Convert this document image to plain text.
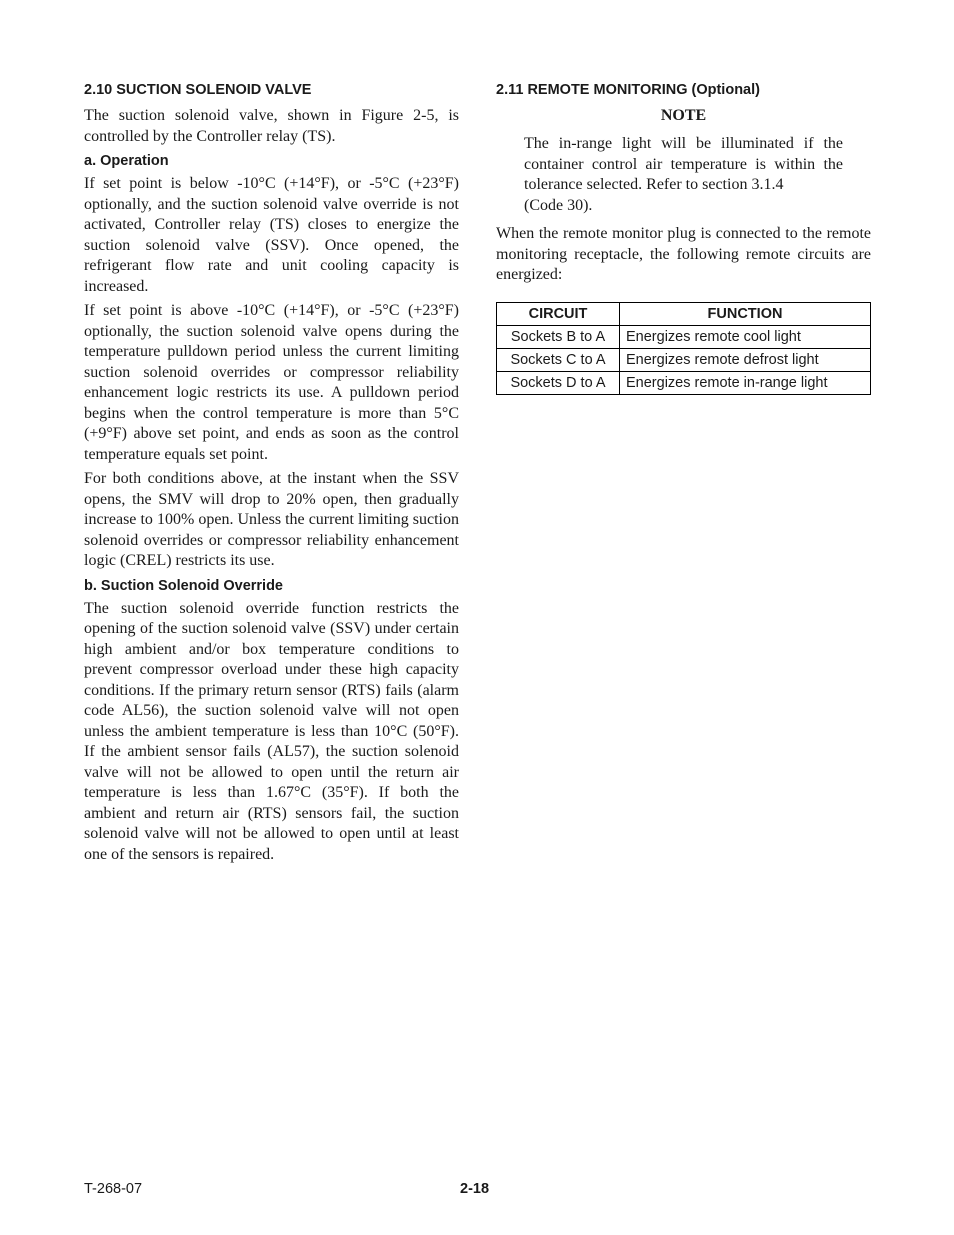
2.10 SUCTION SOLENOID VALVE

The suction solenoid valve, shown in Figure 2-5, is controlled by the Controller relay (TS).

a. Operation

If set point is below -10°C (+14°F), or -5°C (+23°F) optionally, and the suction solenoid valve override is not activated, Controller relay (TS) closes to energize the suction solenoid valve (SSV). Once opened, the refrigerant flow rate and unit cooling capacity is increased.

If set point is above -10°C (+14°F), or -5°C (+23°F) optionally, the suction solenoid valve opens during the temperature pulldown period unless the current limiting suction solenoid overrides or compressor reliability enhancement logic restricts its use. A pulldown period begins when the control temperature is more than 5°C (+9°F) above set point, and ends as soon as the control temperature equals set point.

For both conditions above, at the instant when the SSV opens, the SMV will drop to 20% open, then gradually increase to 100% open. Unless the current limiting suction solenoid overrides or compressor reliability enhancement logic (CREL) restricts its use.

b. Suction Solenoid Override

The suction solenoid override function restricts the opening of the suction solenoid valve (SSV) under certain high ambient and/or box temperature conditions to prevent compressor overload under these high capacity conditions. If the primary return sensor (RTS) fails (alarm code AL56), the suction solenoid valve will not open unless the ambient temperature is less than 10°C (50°F). If the ambient sensor fails (AL57), the suction solenoid valve will not be allowed to open until the return air temperature is less than 1.67°C (35°F). If both the ambient and return air (RTS) sensors fail, the suction solenoid valve will not be allowed to open until at least one of the sensors is repaired.

2.11 REMOTE MONITORING (Optional)
NOTE
The in-range light will be illuminated if the container control air temperature is within the tolerance selected. Refer to section 3.1.4
(Code 30).

When the remote monitor plug is connected to the remote monitoring receptacle, the following remote circuits are energized:

CIRCUIT	FUNCTION
Sockets B to A	Energizes remote cool light
Sockets C to A	Energizes remote defrost light
Sockets D to A	Energizes remote in-range light
T-268-07	2-18
